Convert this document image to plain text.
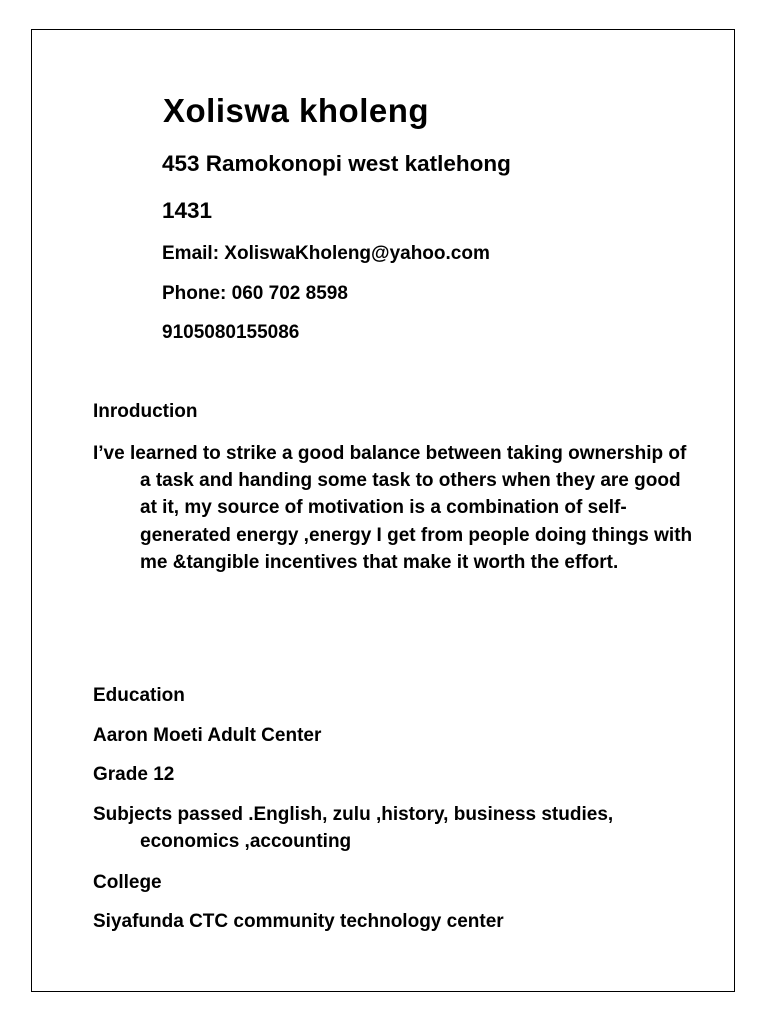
Xoliswa kholeng

453 Ramokonopi west katlehong

1431

Email: XoliswaKholeng@yahoo.com

Phone: 060 702 8598

9105080155086

Inroduction

I’ve learned to strike a good balance between taking ownership of a task and handing some task to others when they are good at it, my source of motivation is a combination of self-generated energy ,energy I get from people doing things with me &tangible incentives that make it worth the effort.

Education

Aaron Moeti Adult Center

Grade 12

Subjects passed .English, zulu ,history, business studies, economics ,accounting

College

Siyafunda CTC community technology center
